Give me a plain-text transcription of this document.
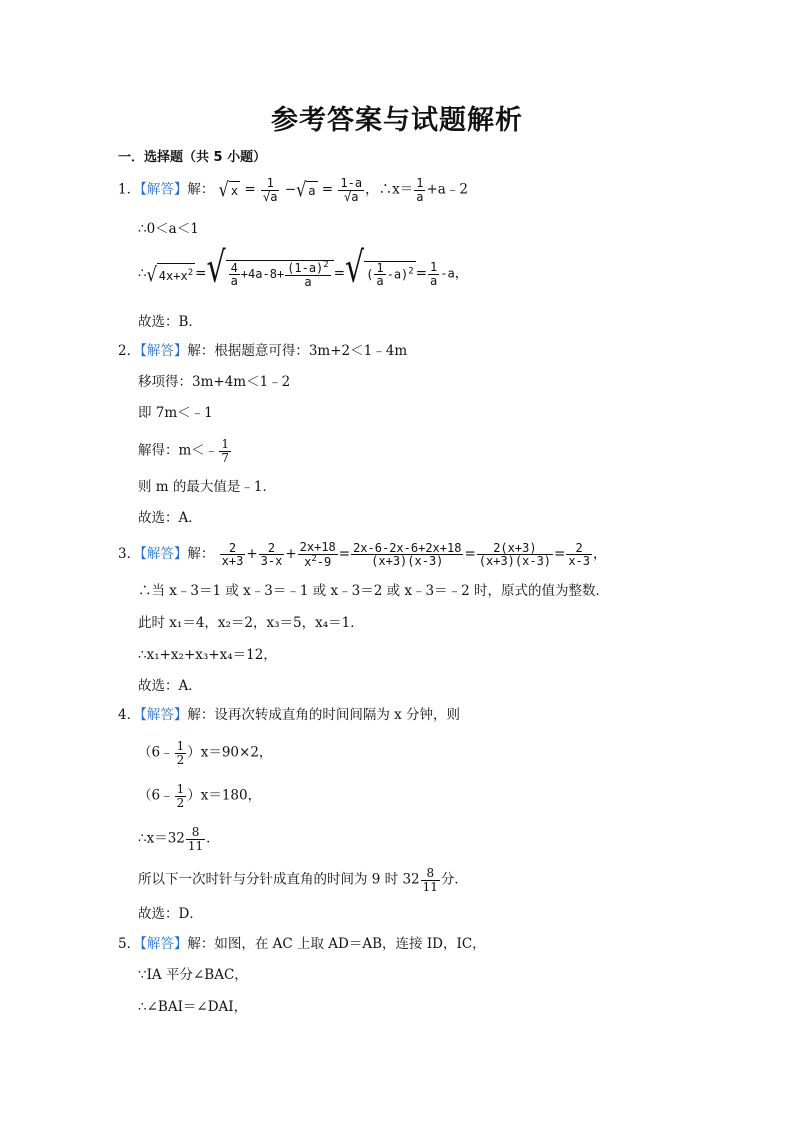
参考答案与试题解析
一．选择题（共 5 小题）
1．【解答】解： √ $x = \frac{1}{√a}$ −√ $a = \frac{1-a}{√a}$ ，∴x＝ $\frac{1}{a}$ +a﹣2
∴0＜a＜1
∴√ $4x+x^2$ =√ $\frac{4}{a} +4a-8+ \frac{(1-a)^2}{a}$ =√ ( $\frac{1}{a} -a)^2 = \frac{1}{a} -a$，
故选：B．
2．【解答】解：根据题意可得：3m+2＜1﹣4m
移项得：3m+4m＜1﹣2
即 7m＜﹣1
解得：m＜﹣ $\frac{1}{7}$
则 m 的最大值是﹣1．
故选：A．
3．【解答】解： $\frac{2}{x+3} + \frac{2}{3-x} + \frac{2x+18}{x^2-9} = \frac{2x-6-2x-6+2x+18}{(x+3)(x-3)} = \frac{2(x+3)}{(x+3)(x-3)} = \frac{2}{x-3}$ ，
∴当 x﹣3＝1 或 x﹣3＝﹣1 或 x﹣3＝2 或 x﹣3＝﹣2 时，原式的值为整数．
此时 x₁＝4，x₂＝2，x₃＝5，x₄＝1．
∴x₁+x₂+x₃+x₄＝12，
故选：A．
4．【解答】解：设再次转成直角的时间间隔为 x 分钟，则
（6﹣ $\frac{1}{2} )x=90\times 2$，
（6﹣ $\frac{1}{2} )x=180$，
∴x＝32 $\frac{8}{11}$ ．
所以下一次时针与分针成直角的时间为 9 时 $32 \frac{8}{11}$ 分．
故选：D．
5．【解答】解：如图，在 AC 上取 AD＝AB，连接 ID，IC，
∵IA 平分∠BAC，
∴∠BAI＝∠DAI，
